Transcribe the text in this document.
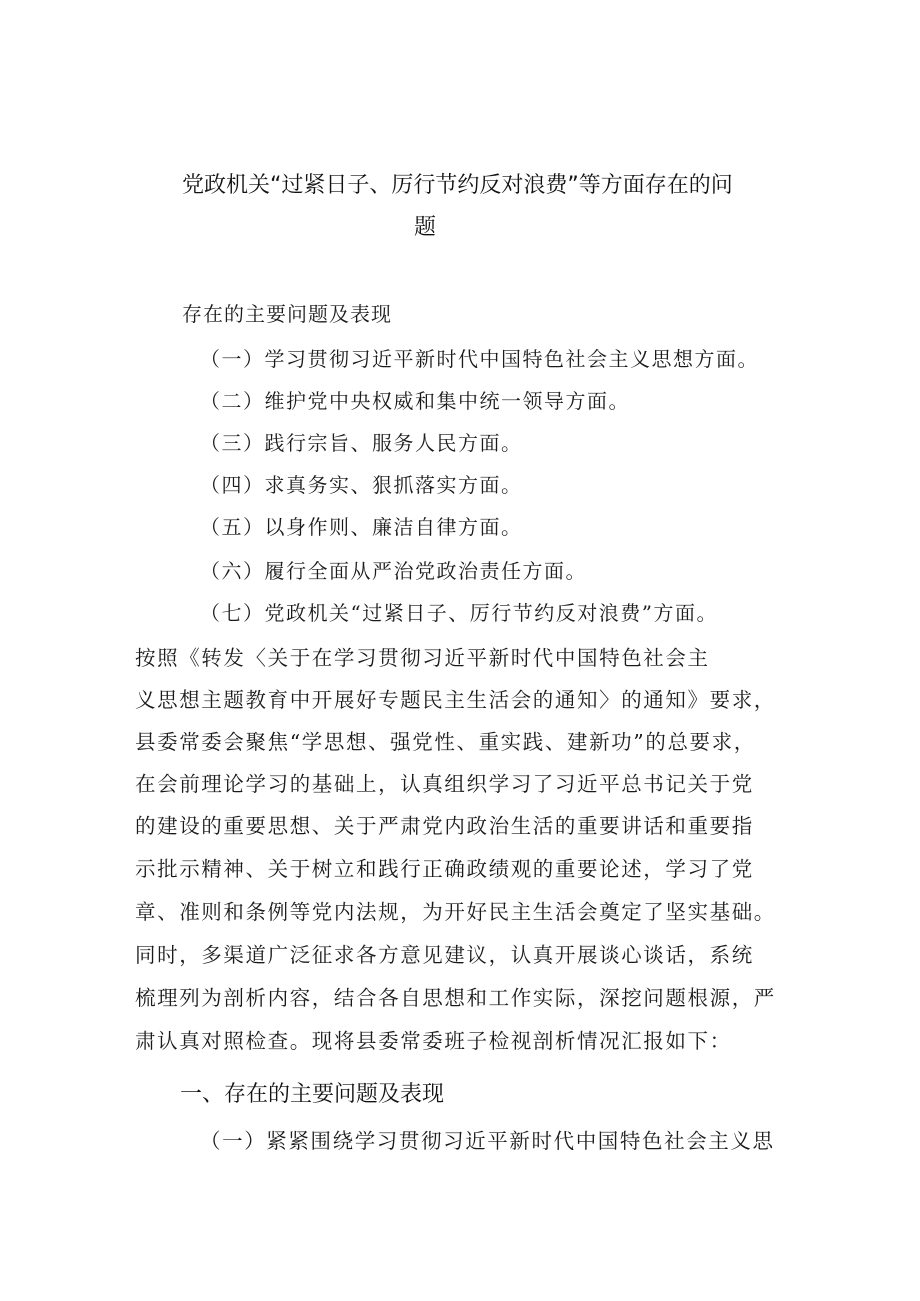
党政机关“过紧日子、厉行节约反对浪费”等方面存在的问
题
存在的主要问题及表现
（一）学习贯彻习近平新时代中国特色社会主义思想方面。
（二）维护党中央权威和集中统一领导方面。
（三）践行宗旨、服务人民方面。
（四）求真务实、狠抓落实方面。
（五）以身作则、廉洁自律方面。
（六）履行全面从严治党政治责任方面。
（七）党政机关“过紧日子、厉行节约反对浪费”方面。
按照《转发〈关于在学习贯彻习近平新时代中国特色社会主
义思想主题教育中开展好专题民主生活会的通知〉的通知》要求，
县委常委会聚焦“学思想、强党性、重实践、建新功”的总要求，
在会前理论学习的基础上，认真组织学习了习近平总书记关于党
的建设的重要思想、关于严肃党内政治生活的重要讲话和重要指
示批示精神、关于树立和践行正确政绩观的重要论述，学习了党
章、准则和条例等党内法规，为开好民主生活会奠定了坚实基础。
同时，多渠道广泛征求各方意见建议，认真开展谈心谈话，系统
梳理列为剖析内容，结合各自思想和工作实际，深挖问题根源，严
肃认真对照检查。现将县委常委班子检视剖析情况汇报如下：
一、存在的主要问题及表现
（一）紧紧围绕学习贯彻习近平新时代中国特色社会主义思
